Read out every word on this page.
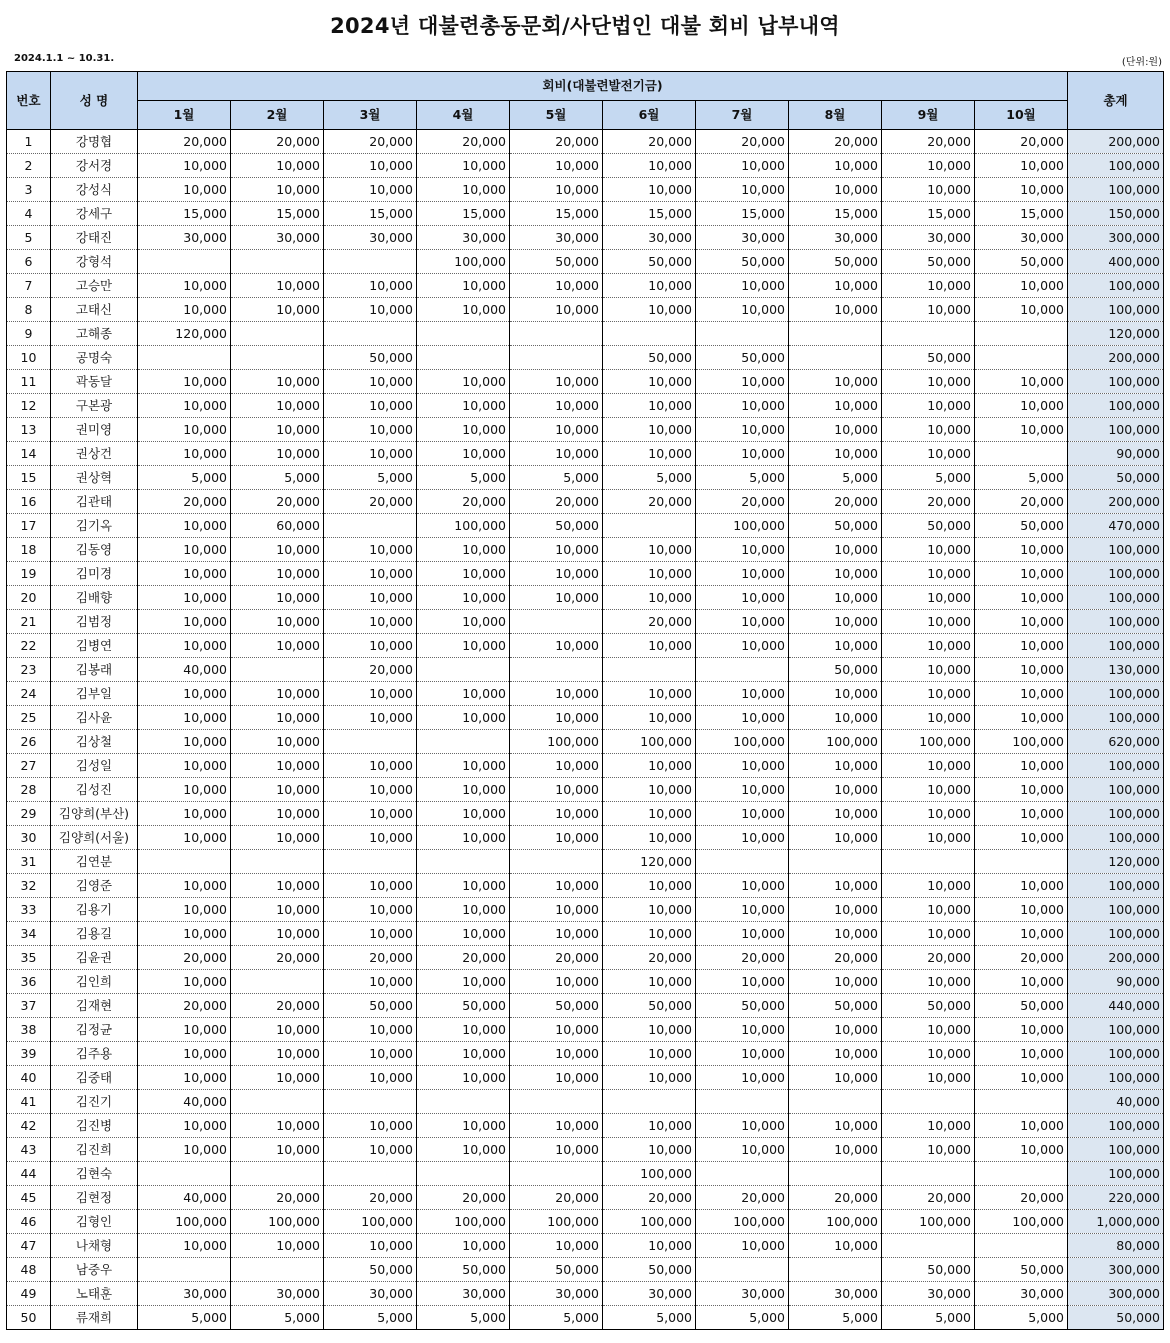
2024년 대불련총동문회/사단법인 대불 회비 납부내역
2024.1.1 ~ 10.31.	(단위:원)
번호	성 명	회비(대불련발전기금)										총계
		1월	2월	3월	4월	5월	6월	7월	8월	9월	10월	
1	강명협	20,000	20,000	20,000	20,000	20,000	20,000	20,000	20,000	20,000	20,000	200,000
2	강서경	10,000	10,000	10,000	10,000	10,000	10,000	10,000	10,000	10,000	10,000	100,000
3	강성식	10,000	10,000	10,000	10,000	10,000	10,000	10,000	10,000	10,000	10,000	100,000
4	강세구	15,000	15,000	15,000	15,000	15,000	15,000	15,000	15,000	15,000	15,000	150,000
5	강태진	30,000	30,000	30,000	30,000	30,000	30,000	30,000	30,000	30,000	30,000	300,000
6	강형석				100,000	50,000	50,000	50,000	50,000	50,000	50,000	400,000
7	고승만	10,000	10,000	10,000	10,000	10,000	10,000	10,000	10,000	10,000	10,000	100,000
8	고태신	10,000	10,000	10,000	10,000	10,000	10,000	10,000	10,000	10,000	10,000	100,000
9	고해종	120,000										120,000
10	공명숙			50,000			50,000	50,000		50,000		200,000
11	곽동달	10,000	10,000	10,000	10,000	10,000	10,000	10,000	10,000	10,000	10,000	100,000
12	구본광	10,000	10,000	10,000	10,000	10,000	10,000	10,000	10,000	10,000	10,000	100,000
13	권미영	10,000	10,000	10,000	10,000	10,000	10,000	10,000	10,000	10,000	10,000	100,000
14	권상건	10,000	10,000	10,000	10,000	10,000	10,000	10,000	10,000	10,000		90,000
15	권상혁	5,000	5,000	5,000	5,000	5,000	5,000	5,000	5,000	5,000	5,000	50,000
16	김관태	20,000	20,000	20,000	20,000	20,000	20,000	20,000	20,000	20,000	20,000	200,000
17	김기옥	10,000	60,000		100,000	50,000		100,000	50,000	50,000	50,000	470,000
18	김동영	10,000	10,000	10,000	10,000	10,000	10,000	10,000	10,000	10,000	10,000	100,000
19	김미경	10,000	10,000	10,000	10,000	10,000	10,000	10,000	10,000	10,000	10,000	100,000
20	김배향	10,000	10,000	10,000	10,000	10,000	10,000	10,000	10,000	10,000	10,000	100,000
21	김범정	10,000	10,000	10,000	10,000		20,000	10,000	10,000	10,000	10,000	100,000
22	김병연	10,000	10,000	10,000	10,000	10,000	10,000	10,000	10,000	10,000	10,000	100,000
23	김봉래	40,000		20,000					50,000	10,000	10,000	130,000
24	김부일	10,000	10,000	10,000	10,000	10,000	10,000	10,000	10,000	10,000	10,000	100,000
25	김사윤	10,000	10,000	10,000	10,000	10,000	10,000	10,000	10,000	10,000	10,000	100,000
26	김상철	10,000	10,000			100,000	100,000	100,000	100,000	100,000	100,000	620,000
27	김성일	10,000	10,000	10,000	10,000	10,000	10,000	10,000	10,000	10,000	10,000	100,000
28	김성진	10,000	10,000	10,000	10,000	10,000	10,000	10,000	10,000	10,000	10,000	100,000
29	김양희(부산)	10,000	10,000	10,000	10,000	10,000	10,000	10,000	10,000	10,000	10,000	100,000
30	김양희(서울)	10,000	10,000	10,000	10,000	10,000	10,000	10,000	10,000	10,000	10,000	100,000
31	김연분						120,000					120,000
32	김영준	10,000	10,000	10,000	10,000	10,000	10,000	10,000	10,000	10,000	10,000	100,000
33	김용기	10,000	10,000	10,000	10,000	10,000	10,000	10,000	10,000	10,000	10,000	100,000
34	김용길	10,000	10,000	10,000	10,000	10,000	10,000	10,000	10,000	10,000	10,000	100,000
35	김윤권	20,000	20,000	20,000	20,000	20,000	20,000	20,000	20,000	20,000	20,000	200,000
36	김인희	10,000		10,000	10,000	10,000	10,000	10,000	10,000	10,000	10,000	90,000
37	김재현	20,000	20,000	50,000	50,000	50,000	50,000	50,000	50,000	50,000	50,000	440,000
38	김정균	10,000	10,000	10,000	10,000	10,000	10,000	10,000	10,000	10,000	10,000	100,000
39	김주용	10,000	10,000	10,000	10,000	10,000	10,000	10,000	10,000	10,000	10,000	100,000
40	김중태	10,000	10,000	10,000	10,000	10,000	10,000	10,000	10,000	10,000	10,000	100,000
41	김진기	40,000										40,000
42	김진병	10,000	10,000	10,000	10,000	10,000	10,000	10,000	10,000	10,000	10,000	100,000
43	김진희	10,000	10,000	10,000	10,000	10,000	10,000	10,000	10,000	10,000	10,000	100,000
44	김현숙						100,000					100,000
45	김현정	40,000	20,000	20,000	20,000	20,000	20,000	20,000	20,000	20,000	20,000	220,000
46	김형인	100,000	100,000	100,000	100,000	100,000	100,000	100,000	100,000	100,000	100,000	1,000,000
47	나채형	10,000	10,000	10,000	10,000	10,000	10,000	10,000	10,000			80,000
48	남중우			50,000	50,000	50,000	50,000			50,000	50,000	300,000
49	노태훈	30,000	30,000	30,000	30,000	30,000	30,000	30,000	30,000	30,000	30,000	300,000
50	류재희	5,000	5,000	5,000	5,000	5,000	5,000	5,000	5,000	5,000	5,000	50,000
